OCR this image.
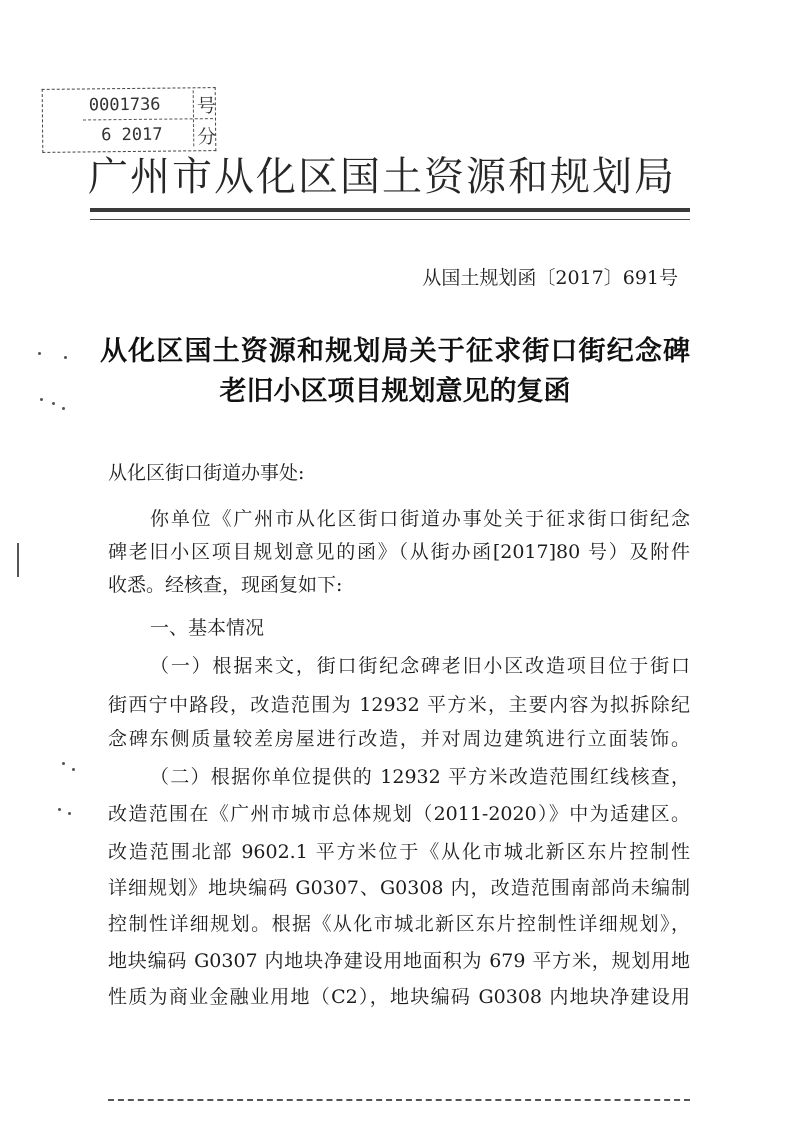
0001736 号
6 2017 分
广州市从化区国土资源和规划局
从国土规划函〔2017〕691号
从化区国土资源和规划局关于征求街口街纪念碑
老旧小区项目规划意见的复函
从化区街口街道办事处:
你单位《广州市从化区街口街道办事处关于征求街口街纪念
碑老旧小区项目规划意见的函》（从街办函[2017]80 号）及附件
收悉。经核查，现函复如下:
一、基本情况
（一）根据来文，街口街纪念碑老旧小区改造项目位于街口
街西宁中路段，改造范围为 12932 平方米，主要内容为拟拆除纪
念碑东侧质量较差房屋进行改造，并对周边建筑进行立面装饰。
（二）根据你单位提供的 12932 平方米改造范围红线核查，
改造范围在《广州市城市总体规划（2011-2020）》中为适建区。
改造范围北部 9602.1 平方米位于《从化市城北新区东片控制性
详细规划》地块编码 G0307、G0308 内，改造范围南部尚未编制
控制性详细规划。根据《从化市城北新区东片控制性详细规划》，
地块编码 G0307 内地块净建设用地面积为 679 平方米，规划用地
性质为商业金融业用地（C2），地块编码 G0308 内地块净建设用
